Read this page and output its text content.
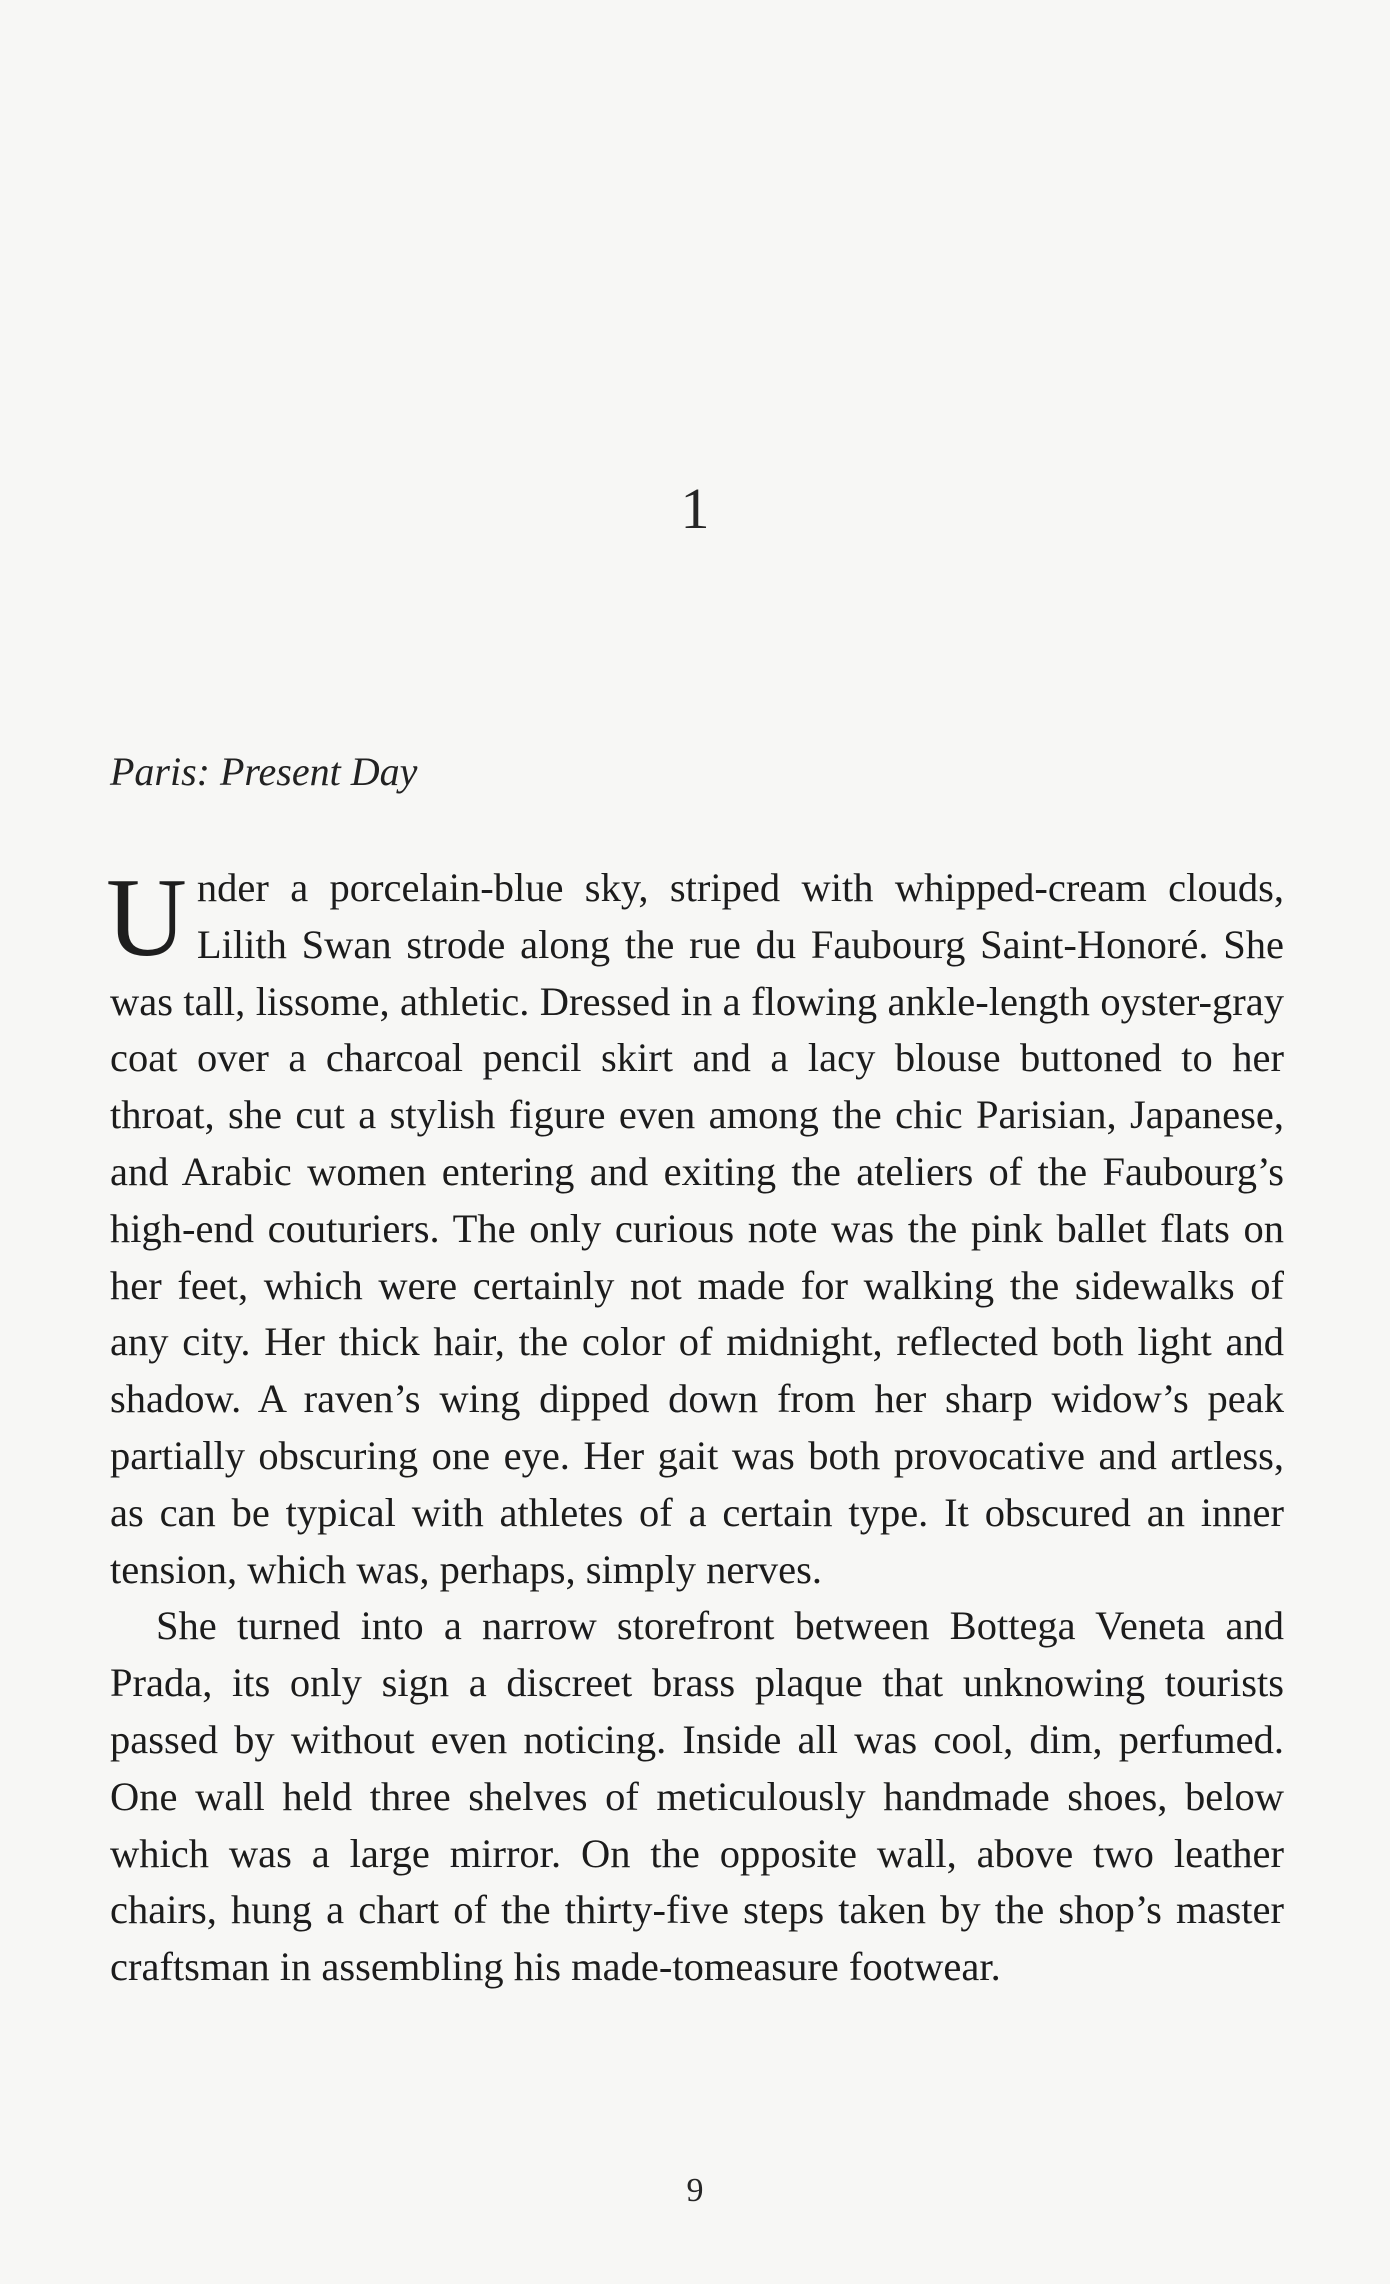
1
Paris: Present Day

Under a porcelain-blue sky, striped with whipped-cream clouds, Lilith Swan strode along the rue du Faubourg Saint-Honoré. She was tall, lissome, athletic. Dressed in a flowing ankle-length oyster-gray coat over a charcoal pencil skirt and a lacy blouse buttoned to her throat, she cut a stylish figure even among the chic Parisian, Japanese, and Arabic women entering and exiting the ateliers of the Faubourg’s high-end couturiers. The only curious note was the pink ballet flats on her feet, which were certainly not made for walking the sidewalks of any city. Her thick hair, the color of midnight, reflected both light and shadow. A raven’s wing dipped down from her sharp widow’s peak partially obscuring one eye. Her gait was both provocative and artless, as can be typical with athletes of a certain type. It obscured an inner tension, which was, perhaps, simply nerves.

She turned into a narrow storefront between Bottega Veneta and Prada, its only sign a discreet brass plaque that unknowing tourists passed by without even noticing. Inside all was cool, dim, perfumed. One wall held three shelves of meticulously handmade shoes, below which was a large mirror. On the opposite wall, above two leather chairs, hung a chart of the thirty-five steps taken by the shop’s master craftsman in assembling his made-tomeasure footwear.

9
